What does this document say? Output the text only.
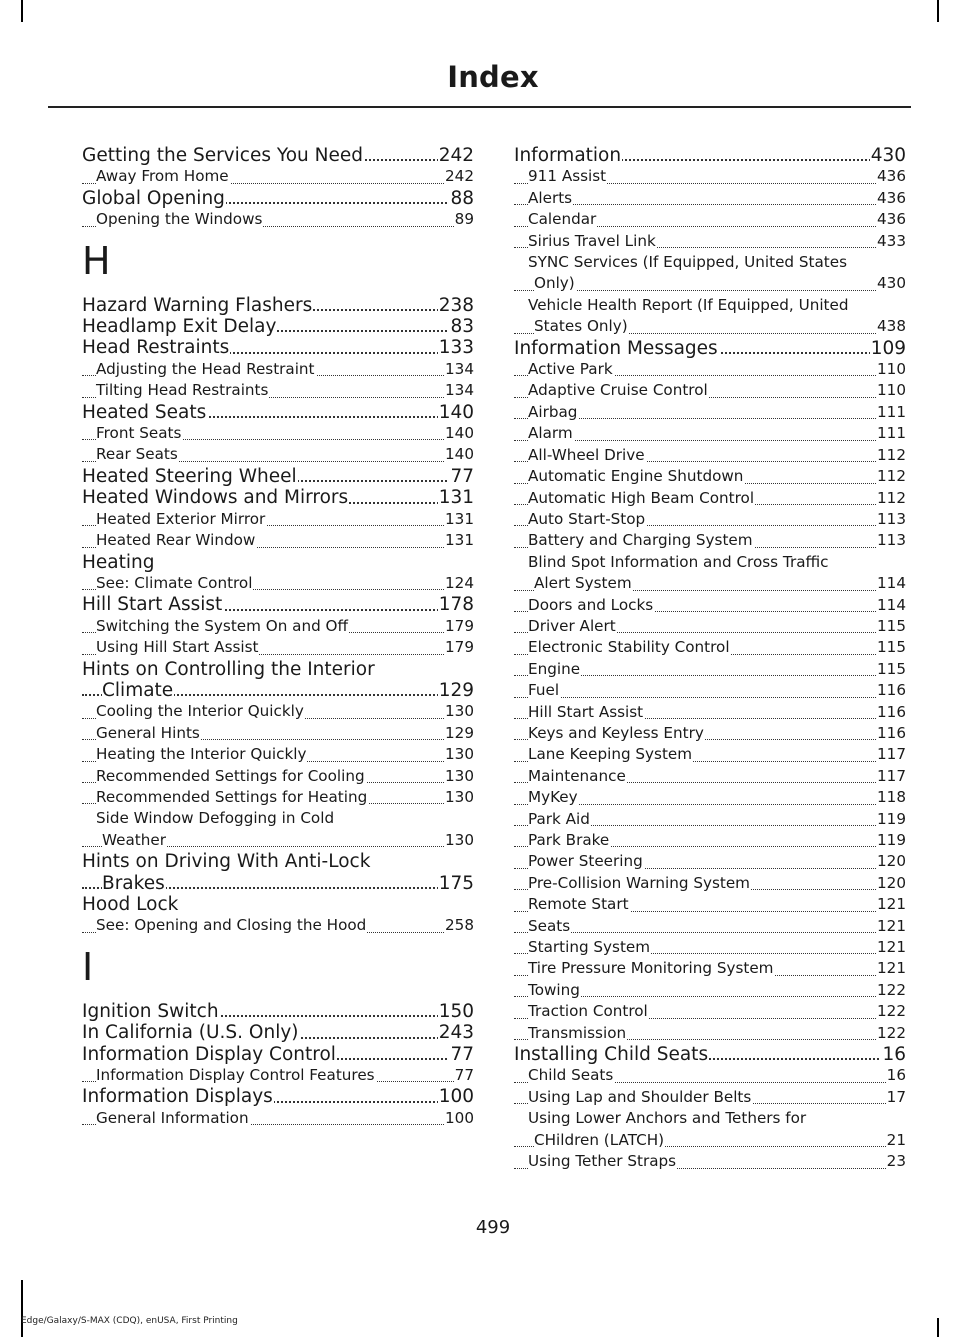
Index
Getting the Services You Need	242
Away From Home	242
Global Opening	88
Opening the Windows	89
H
Hazard Warning Flashers	238
Headlamp Exit Delay	83
Head Restraints	133
Adjusting the Head Restraint	134
Tilting Head Restraints	134
Heated Seats	140
Front Seats	140
Rear Seats	140
Heated Steering Wheel	77
Heated Windows and Mirrors	131
Heated Exterior Mirror	131
Heated Rear Window	131
Heating
See: Climate Control	124
Hill Start Assist	178
Switching the System On and Off	179
Using Hill Start Assist	179
Hints on Controlling the Interior
Climate	129
Cooling the Interior Quickly	130
General Hints	129
Heating the Interior Quickly	130
Recommended Settings for Cooling	130
Recommended Settings for Heating	130
Side Window Defogging in Cold
Weather	130
Hints on Driving With Anti-Lock
Brakes	175
Hood Lock
See: Opening and Closing the Hood	258
I
Ignition Switch	150
In California (U.S. Only)	243
Information Display Control	77
Information Display Control Features	77
Information Displays	100
General Information	100
Information	430
911 Assist	436
Alerts	436
Calendar	436
Sirius Travel Link	433
SYNC Services (If Equipped, United States
Only)	430
Vehicle Health Report (If Equipped, United
States Only)	438
Information Messages	109
Active Park	110
Adaptive Cruise Control	110
Airbag	111
Alarm	111
All-Wheel Drive	112
Automatic Engine Shutdown	112
Automatic High Beam Control	112
Auto Start-Stop	113
Battery and Charging System	113
Blind Spot Information and Cross Traffic
Alert System	114
Doors and Locks	114
Driver Alert	115
Electronic Stability Control	115
Engine	115
Fuel	116
Hill Start Assist	116
Keys and Keyless Entry	116
Lane Keeping System	117
Maintenance	117
MyKey	118
Park Aid	119
Park Brake	119
Power Steering	120
Pre-Collision Warning System	120
Remote Start	121
Seats	121
Starting System	121
Tire Pressure Monitoring System	121
Towing	122
Traction Control	122
Transmission	122
Installing Child Seats	16
Child Seats	16
Using Lap and Shoulder Belts	17
Using Lower Anchors and Tethers for
CHildren (LATCH)	21
Using Tether Straps	23
499
Edge/Galaxy/S-MAX (CDQ), enUSA, First Printing
